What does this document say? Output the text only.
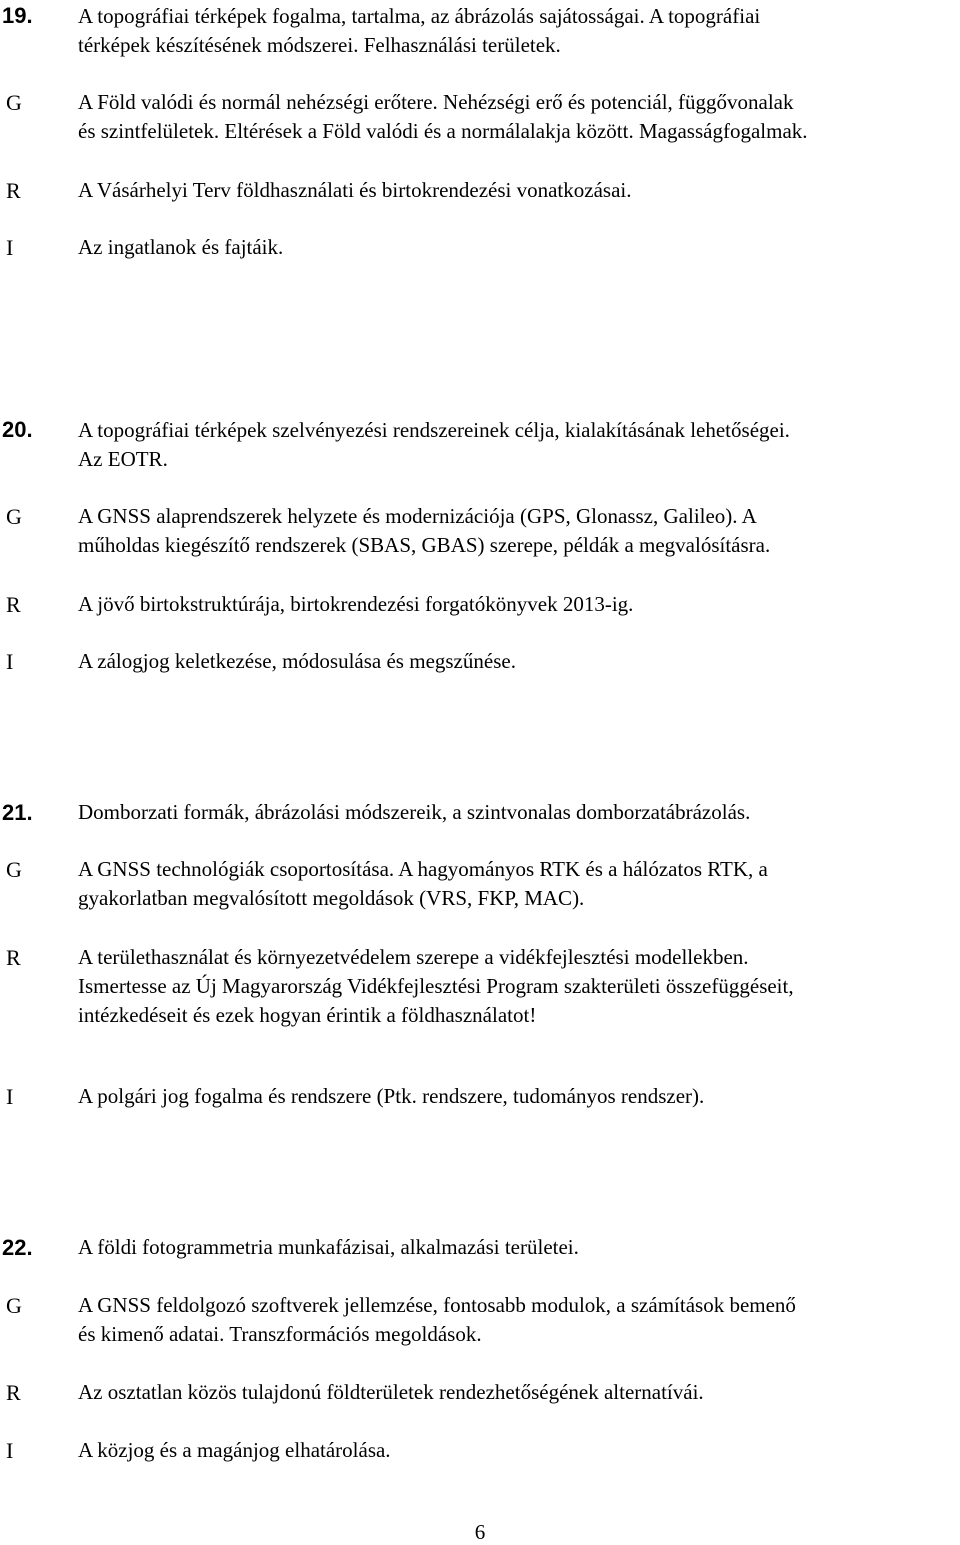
19. A topográfiai térképek fogalma, tartalma, az ábrázolás sajátosságai. A topográfiai
térképek készítésének módszerei. Felhasználási területek.
G	A Föld valódi és normál nehézségi erőtere. Nehézségi erő és potenciál, függővonalak
és szintfelületek. Eltérések a Föld valódi és a normálalakja között. Magasságfogalmak.
R	A Vásárhelyi Terv földhasználati és birtokrendezési vonatkozásai.
I	Az ingatlanok és fajtáik.
20. A topográfiai térképek szelvényezési rendszereinek célja, kialakításának lehetőségei.
Az EOTR.
G	A GNSS alaprendszerek helyzete és modernizációja (GPS, Glonassz, Galileo). A
műholdas kiegészítő rendszerek (SBAS, GBAS) szerepe, példák a megvalósításra.
R	A jövő birtokstruktúrája, birtokrendezési forgatókönyvek 2013-ig.
I	A zálogjog keletkezése, módosulása és megszűnése.
21. Domborzati formák, ábrázolási módszereik, a szintvonalas domborzatábrázolás.
G	A GNSS technológiák csoportosítása. A hagyományos RTK és a hálózatos RTK, a
gyakorlatban megvalósított megoldások (VRS, FKP, MAC).
R	A területhasználat és környezetvédelem szerepe a vidékfejlesztési modellekben.
Ismertesse az Új Magyarország Vidékfejlesztési Program szakterületi összefüggéseit,
intézkedéseit és ezek hogyan érintik a földhasználatot!
I	A polgári jog fogalma és rendszere (Ptk. rendszere, tudományos rendszer).
22. A földi fotogrammetria munkafázisai, alkalmazási területei.
G	A GNSS feldolgozó szoftverek jellemzése, fontosabb modulok, a számítások bemenő
és kimenő adatai. Transzformációs megoldások.
R	Az osztatlan közös tulajdonú földterületek rendezhetőségének alternatívái.
I	A közjog és a magánjog elhatárolása.
6
